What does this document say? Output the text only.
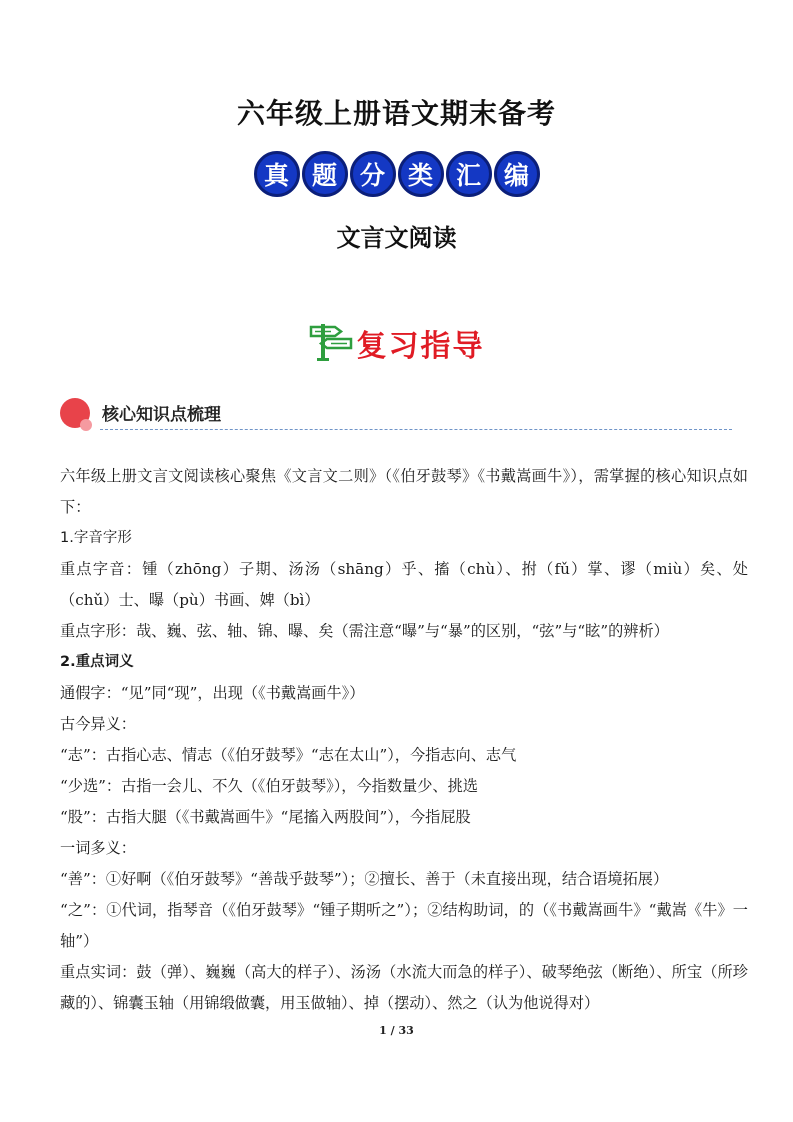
六年级上册语文期末备考
真 题 分 类 汇 编
文言文阅读
复习指导
核心知识点梳理

六年级上册文言文阅读核心聚焦《文言文二则》（《伯牙鼓琴》《书戴嵩画牛》），需掌握的核心知识点如下：

1.字音字形

重点字音：锺（zhōng）子期、汤汤（shāng）乎、搐（chù）、拊（fǔ）掌、谬（miù）矣、处（chǔ）士、曝（pù）书画、婢（bì）

重点字形：哉、巍、弦、轴、锦、曝、矣（需注意“曝”与“暴”的区别，“弦”与“眩”的辨析）

2.重点词义

通假字：“见”同“现”，出现（《书戴嵩画牛》）

古今异义：

“志”：古指心志、情志（《伯牙鼓琴》“志在太山”），今指志向、志气

“少选”：古指一会儿、不久（《伯牙鼓琴》），今指数量少、挑选

“股”：古指大腿（《书戴嵩画牛》“尾搐入两股间”），今指屁股

一词多义：

“善”：①好啊（《伯牙鼓琴》“善哉乎鼓琴”）；②擅长、善于（未直接出现，结合语境拓展）

“之”：①代词，指琴音（《伯牙鼓琴》“锺子期听之”）；②结构助词，的（《书戴嵩画牛》“戴嵩《牛》一轴”）

重点实词：鼓（弹）、巍巍（高大的样子）、汤汤（水流大而急的样子）、破琴绝弦（断绝）、所宝（所珍藏的）、锦囊玉轴（用锦缎做囊，用玉做轴）、掉（摆动）、然之（认为他说得对）

1 / 33
